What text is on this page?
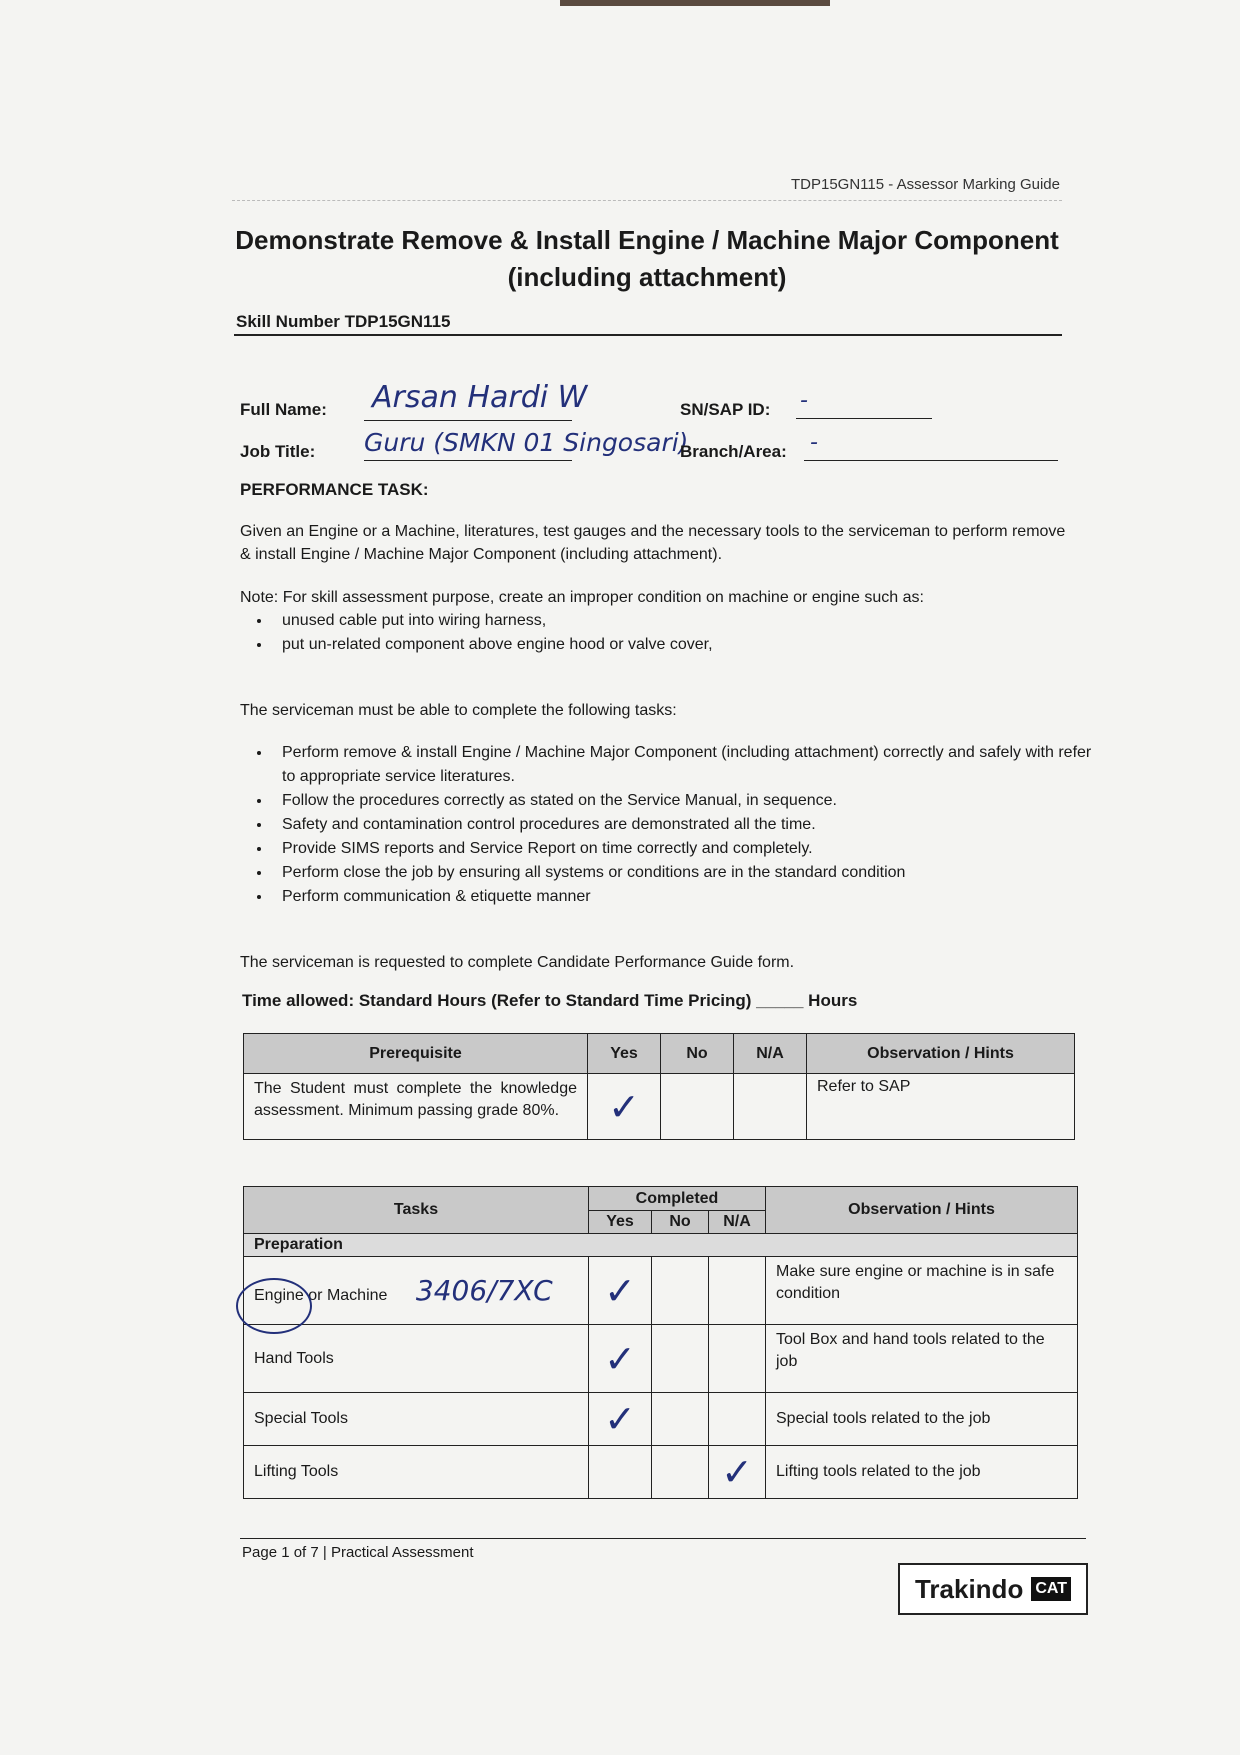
TDP15GN115 - Assessor Marking Guide
Demonstrate Remove & Install Engine / Machine Major Component
(including attachment)
Skill Number TDP15GN115
Full Name: Arsan Hardi W	SN/SAP ID: -
Job Title: Guru (SMKN 01 Singosari)
Branch/Area: -
PERFORMANCE TASK:
Given an Engine or a Machine, literatures, test gauges and the necessary tools to the serviceman to perform remove & install Engine / Machine Major Component (including attachment).
Note: For skill assessment purpose, create an improper condition on machine or engine such as:
• unused cable put into wiring harness,
• put un-related component above engine hood or valve cover,
The serviceman must be able to complete the following tasks:
• Perform remove & install Engine / Machine Major Component (including attachment) correctly and safely with refer to appropriate service literatures.
• Follow the procedures correctly as stated on the Service Manual, in sequence.
• Safety and contamination control procedures are demonstrated all the time.
• Provide SIMS reports and Service Report on time correctly and completely.
• Perform close the job by ensuring all systems or conditions are in the standard condition
• Perform communication & etiquette manner
The serviceman is requested to complete Candidate Performance Guide form.
Time allowed: Standard Hours (Refer to Standard Time Pricing) _____ Hours
Prerequisite	Yes	No	N/A	Observation / Hints
The Student must complete the knowledge assessment. Minimum passing grade 80%.	✓			Refer to SAP
Tasks	Completed			Observation / Hints
	Yes	No	N/A	
Preparation				
Engine or Machine 3406/7XC	✓			Make sure engine or machine is in safe condition
Hand Tools	✓			Tool Box and hand tools related to the job
Special Tools	✓			Special tools related to the job
Lifting Tools			✓	Lifting tools related to the job
Page 1 of 7 | Practical Assessment
Trakindo CAT
